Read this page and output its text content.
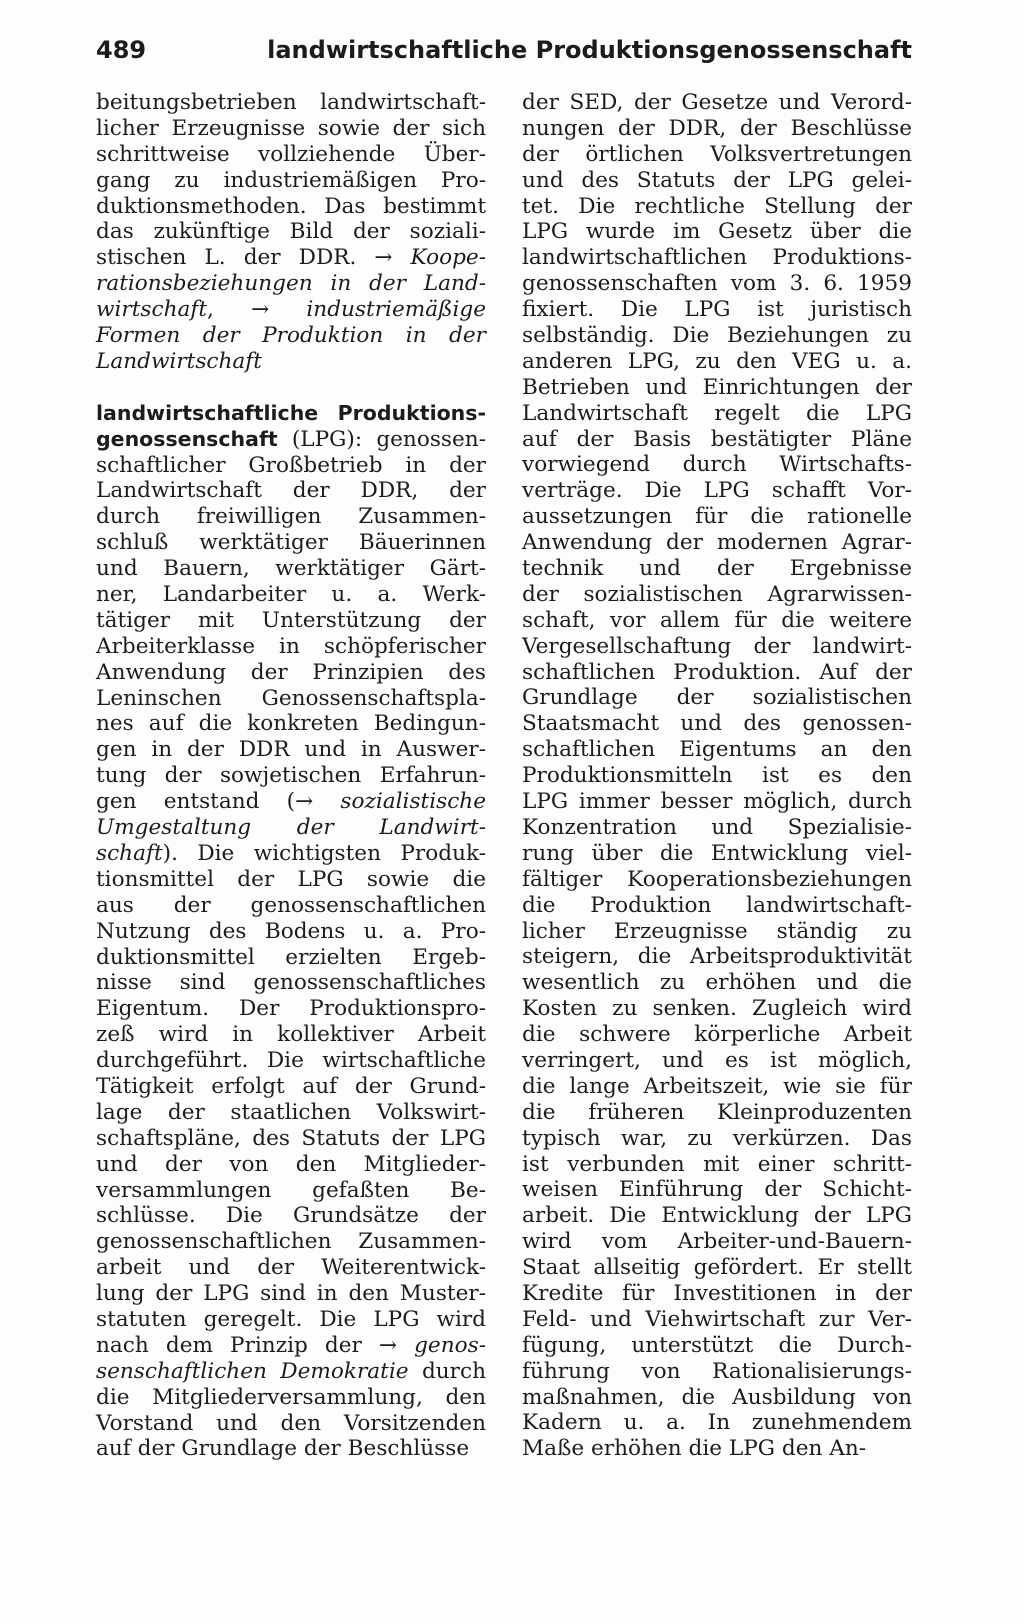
489	landwirtschaftliche Produktionsgenossenschaft
beitungsbetrieben landwirtschaft-
licher Erzeugnisse sowie der sich
schrittweise vollziehende Über-
gang zu industriemäßigen Pro-
duktionsmethoden. Das bestimmt
das zukünftige Bild der soziali-
stischen L. der DDR. → Koope-
rationsbeziehungen in der Land-
wirtschaft, → industriemäßige
Formen der Produktion in der
Landwirtschaft
landwirtschaftliche Produktions-
genossenschaft (LPG): genossen-
schaftlicher Großbetrieb in der
Landwirtschaft der DDR, der
durch freiwilligen Zusammen-
schluß werktätiger Bäuerinnen
und Bauern, werktätiger Gärt-
ner, Landarbeiter u. a. Werk-
tätiger mit Unterstützung der
Arbeiterklasse in schöpferischer
Anwendung der Prinzipien des
Leninschen Genossenschaftspla-
nes auf die konkreten Bedingun-
gen in der DDR und in Auswer-
tung der sowjetischen Erfahrun-
gen entstand (→ sozialistische
Umgestaltung der Landwirt-
schaft). Die wichtigsten Produk-
tionsmittel der LPG sowie die
aus der genossenschaftlichen
Nutzung des Bodens u. a. Pro-
duktionsmittel erzielten Ergeb-
nisse sind genossenschaftliches
Eigentum. Der Produktionspro-
zeß wird in kollektiver Arbeit
durchgeführt. Die wirtschaftliche
Tätigkeit erfolgt auf der Grund-
lage der staatlichen Volkswirt-
schaftspläne, des Statuts der LPG
und der von den Mitglieder-
versammlungen gefaßten Be-
schlüsse. Die Grundsätze der
genossenschaftlichen Zusammen-
arbeit und der Weiterentwick-
lung der LPG sind in den Muster-
statuten geregelt. Die LPG wird
nach dem Prinzip der → genos-
senschaftlichen Demokratie durch
die Mitgliederversammlung, den
Vorstand und den Vorsitzenden
auf der Grundlage der Beschlüsse
der SED, der Gesetze und Verord-
nungen der DDR, der Beschlüsse
der örtlichen Volksvertretungen
und des Statuts der LPG gelei-
tet. Die rechtliche Stellung der
LPG wurde im Gesetz über die
landwirtschaftlichen Produktions-
genossenschaften vom 3. 6. 1959
fixiert. Die LPG ist juristisch
selbständig. Die Beziehungen zu
anderen LPG, zu den VEG u. a.
Betrieben und Einrichtungen der
Landwirtschaft regelt die LPG
auf der Basis bestätigter Pläne
vorwiegend durch Wirtschafts-
verträge. Die LPG schafft Vor-
aussetzungen für die rationelle
Anwendung der modernen Agrar-
technik und der Ergebnisse
der sozialistischen Agrarwissen-
schaft, vor allem für die weitere
Vergesellschaftung der landwirt-
schaftlichen Produktion. Auf der
Grundlage der sozialistischen
Staatsmacht und des genossen-
schaftlichen Eigentums an den
Produktionsmitteln ist es den
LPG immer besser möglich, durch
Konzentration und Spezialisie-
rung über die Entwicklung viel-
fältiger Kooperationsbeziehungen
die Produktion landwirtschaft-
licher Erzeugnisse ständig zu
steigern, die Arbeitsproduktivität
wesentlich zu erhöhen und die
Kosten zu senken. Zugleich wird
die schwere körperliche Arbeit
verringert, und es ist möglich,
die lange Arbeitszeit, wie sie für
die früheren Kleinproduzenten
typisch war, zu verkürzen. Das
ist verbunden mit einer schritt-
weisen Einführung der Schicht-
arbeit. Die Entwicklung der LPG
wird vom Arbeiter-und-Bauern-
Staat allseitig gefördert. Er stellt
Kredite für Investitionen in der
Feld- und Viehwirtschaft zur Ver-
fügung, unterstützt die Durch-
führung von Rationalisierungs-
maßnahmen, die Ausbildung von
Kadern u. a. In zunehmendem
Maße erhöhen die LPG den An-
